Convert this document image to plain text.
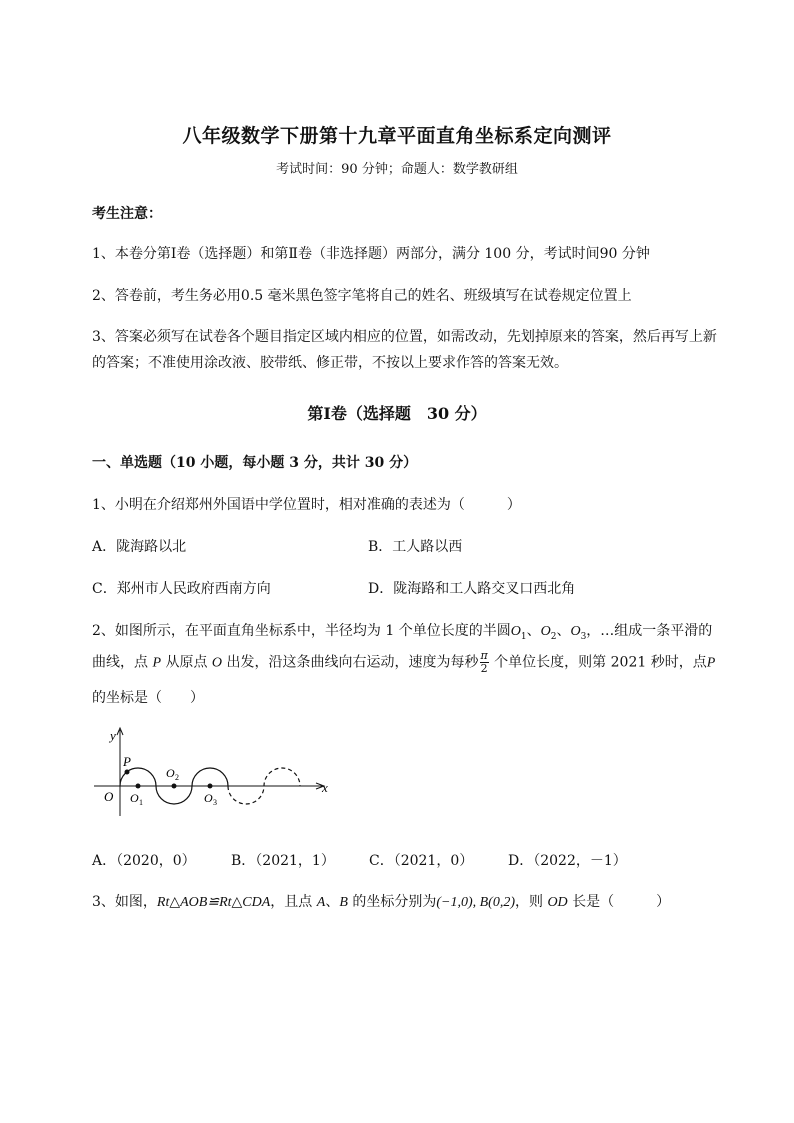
八年级数学下册第十九章平面直角坐标系定向测评
考试时间：90 分钟；命题人：数学教研组
考生注意：
1、本卷分第Ⅰ卷（选择题）和第Ⅱ卷（非选择题）两部分，满分 100 分，考试时间90 分钟
2、答卷前，考生务必用0.5 毫米黑色签字笔将自己的姓名、班级填写在试卷规定位置上
3、答案必须写在试卷各个题目指定区域内相应的位置，如需改动，先划掉原来的答案，然后再写上新
的答案；不准使用涂改液、胶带纸、修正带，不按以上要求作答的答案无效。
第Ⅰ卷（选择题　30 分）
一、单选题（10 小题，每小题 3 分，共计 30 分）
1、小明在介绍郑州外国语中学位置时，相对准确的表述为（　　　）
A．陇海路以北	B．工人路以西
C．郑州市人民政府西南方向	D．陇海路和工人路交叉口西北角
2、如图所示，在平面直角坐标系中，半径均为 1 个单位长度的半圆$O_1$、$O_2$、$O_3$，…组成一条平滑的
曲线，点 P 从原点 O 出发，沿这条曲线向右运动，速度为每秒 $\frac{\pi}{2}$ 个单位长度，则第 2021 秒时，点P
的坐标是（　　）
y
x
O
P
O 1
O 2
O 3
A．（2020，0）	B．（2021，1） C．（2021，0） D．（2022，－1）
3、如图，Rt△AOB≌Rt△CDA，且点 A、B 的坐标分别为(−1,0), B(0,2)，则 OD 长是（　　　）
